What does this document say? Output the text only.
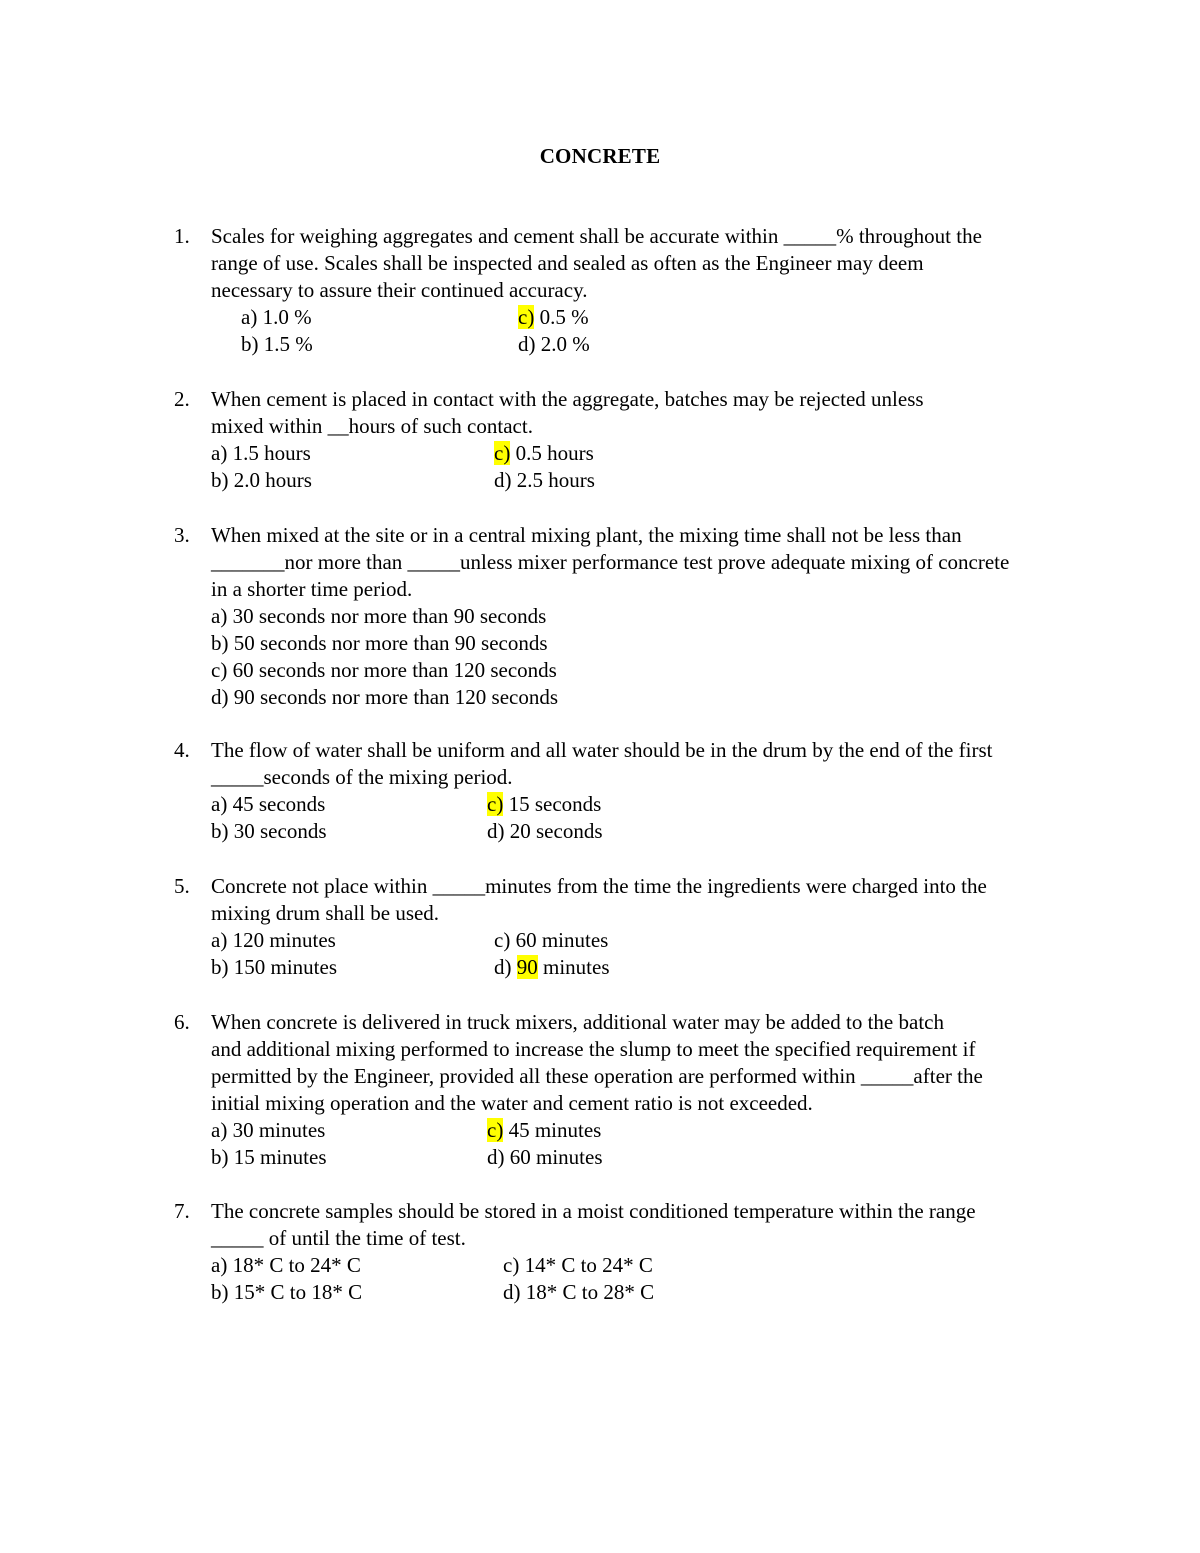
CONCRETE
1. Scales for weighing aggregates and cement shall be accurate within _____% throughout the
range of use. Scales shall be inspected and sealed as often as the Engineer may deem
necessary to assure their continued accuracy.
a) 1.0 %	c) 0.5 %
b) 1.5 %	d) 2.0 %
2. When cement is placed in contact with the aggregate, batches may be rejected unless
mixed within __hours of such contact.
a) 1.5 hours	c) 0.5 hours
b) 2.0 hours	d) 2.5 hours
3. When mixed at the site or in a central mixing plant, the mixing time shall not be less than
_______nor more than _____unless mixer performance test prove adequate mixing of concrete
in a shorter time period.
a) 30 seconds nor more than 90 seconds
b) 50 seconds nor more than 90 seconds
c) 60 seconds nor more than 120 seconds
d) 90 seconds nor more than 120 seconds
4. The flow of water shall be uniform and all water should be in the drum by the end of the first
_____seconds of the mixing period.
a) 45 seconds	c) 15 seconds
b) 30 seconds	d) 20 seconds
5. Concrete not place within _____minutes from the time the ingredients were charged into the
mixing drum shall be used.
a) 120 minutes	c) 60 minutes
b) 150 minutes	d) 90 minutes
6. When concrete is delivered in truck mixers, additional water may be added to the batch
and additional mixing performed to increase the slump to meet the specified requirement if
permitted by the Engineer, provided all these operation are performed within _____after the
initial mixing operation and the water and cement ratio is not exceeded.
a) 30 minutes	c) 45 minutes
b) 15 minutes	d) 60 minutes
7. The concrete samples should be stored in a moist conditioned temperature within the range
_____ of until the time of test.
a) 18* C to 24* C	c) 14* C to 24* C
b) 15* C to 18* C	d) 18* C to 28* C
